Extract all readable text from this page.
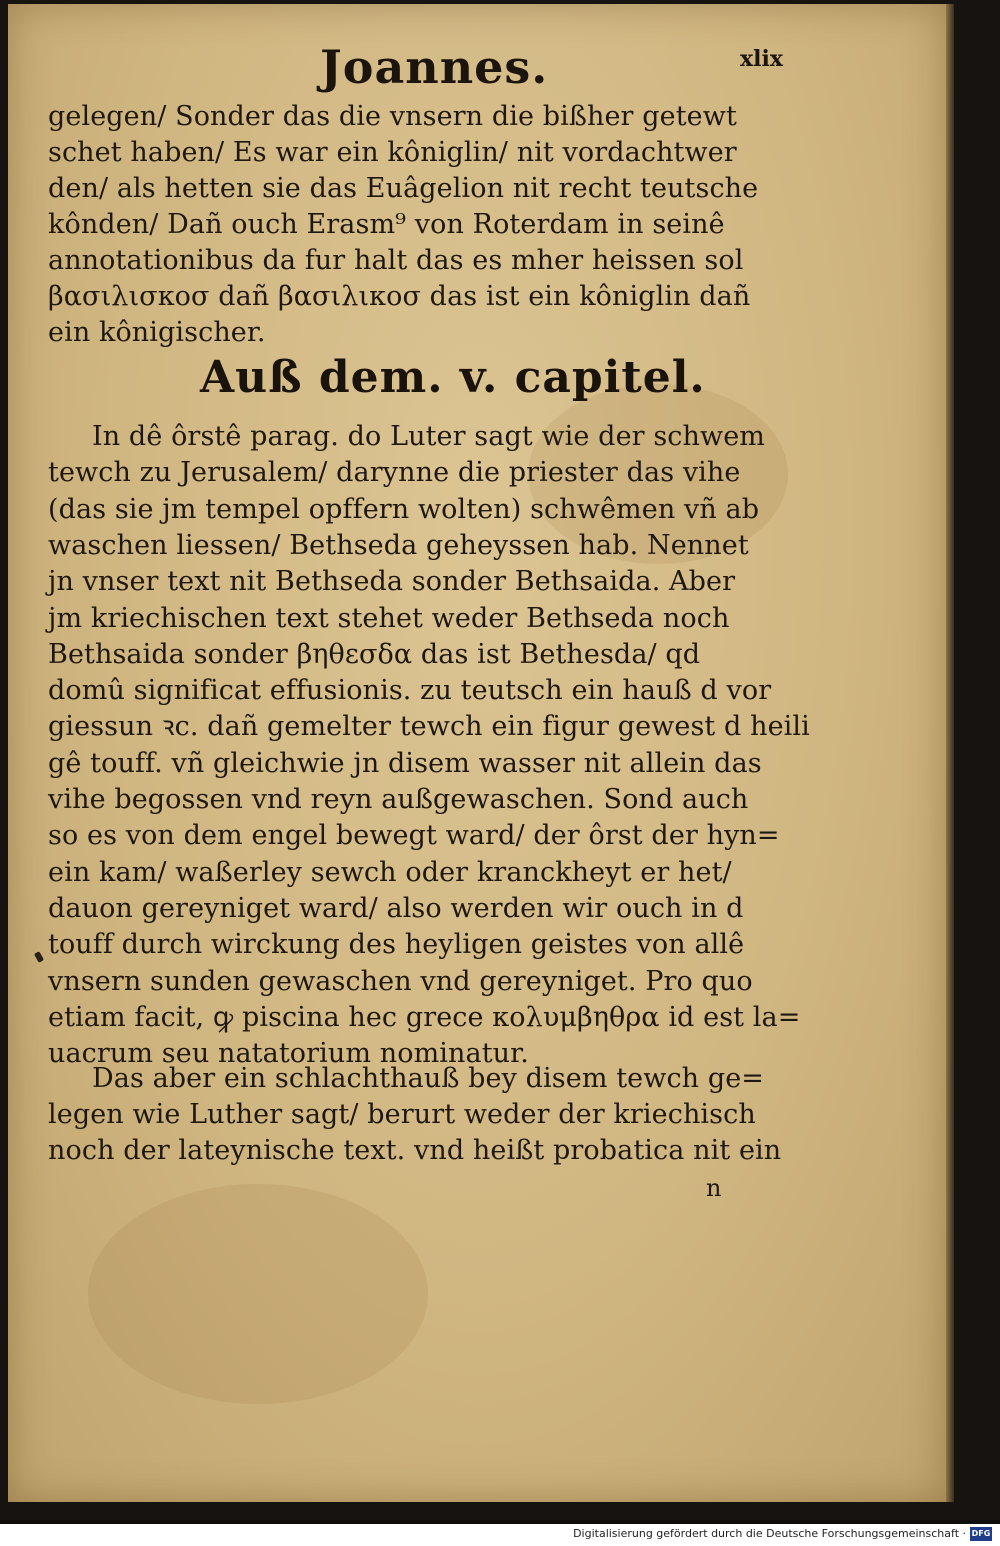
Joannes.	xlix
gelegen/ Sonder das die vnsern die bißher getewt
schet haben/ Es war ein kôniglin/ nit vordachtwer
den/ als hetten sie das Euâgelion nit recht teutsche
kônden/ Dañ ouch Erasm⁹ von Roterdam in seinê
annotationibus da fur halt das es mher heissen sol
βασιλισκοσ dañ βασιλικοσ das ist ein kôniglin dañ
ein kônigischer.
Auß dem. v. capitel.
In dê ôrstê parag. do Luter sagt wie der schwem
tewch zu Jerusalem/ darynne die priester das vihe
(das sie jm tempel opffern wolten) schwêmen vñ ab
waschen liessen/ Bethseda geheyssen hab. Nennet
jn vnser text nit Bethseda sonder Bethsaida. Aber
jm kriechischen text stehet weder Bethseda noch
Bethsaida sonder βηθεσδα das ist Bethesda/ qd
domû significat effusionis. zu teutsch ein hauß d vor
giessun ꝛc. dañ gemelter tewch ein figur gewest d heili
gê touff. vñ gleichwie jn disem wasser nit allein das
vihe begossen vnd reyn außgewaschen. Sond auch
so es von dem engel bewegt ward/ der ôrst der hyn=
ein kam/ waßerley sewch oder kranckheyt er het/
dauon gereyniget ward/ also werden wir ouch in d
touff durch wirckung des heyligen geistes von allê
vnsern sunden gewaschen vnd gereyniget. Pro quo
etiam facit, ꝙ piscina hec grece κολυμβηθρα id est la=
uacrum seu natatorium nominatur.
Das aber ein schlachthauß bey disem tewch ge=
legen wie Luther sagt/ berurt weder der kriechisch
noch der lateynische text. vnd heißt probatica nit ein
n
Digitalisierung gefördert durch die Deutsche Forschungsgemeinschaft · DFG
